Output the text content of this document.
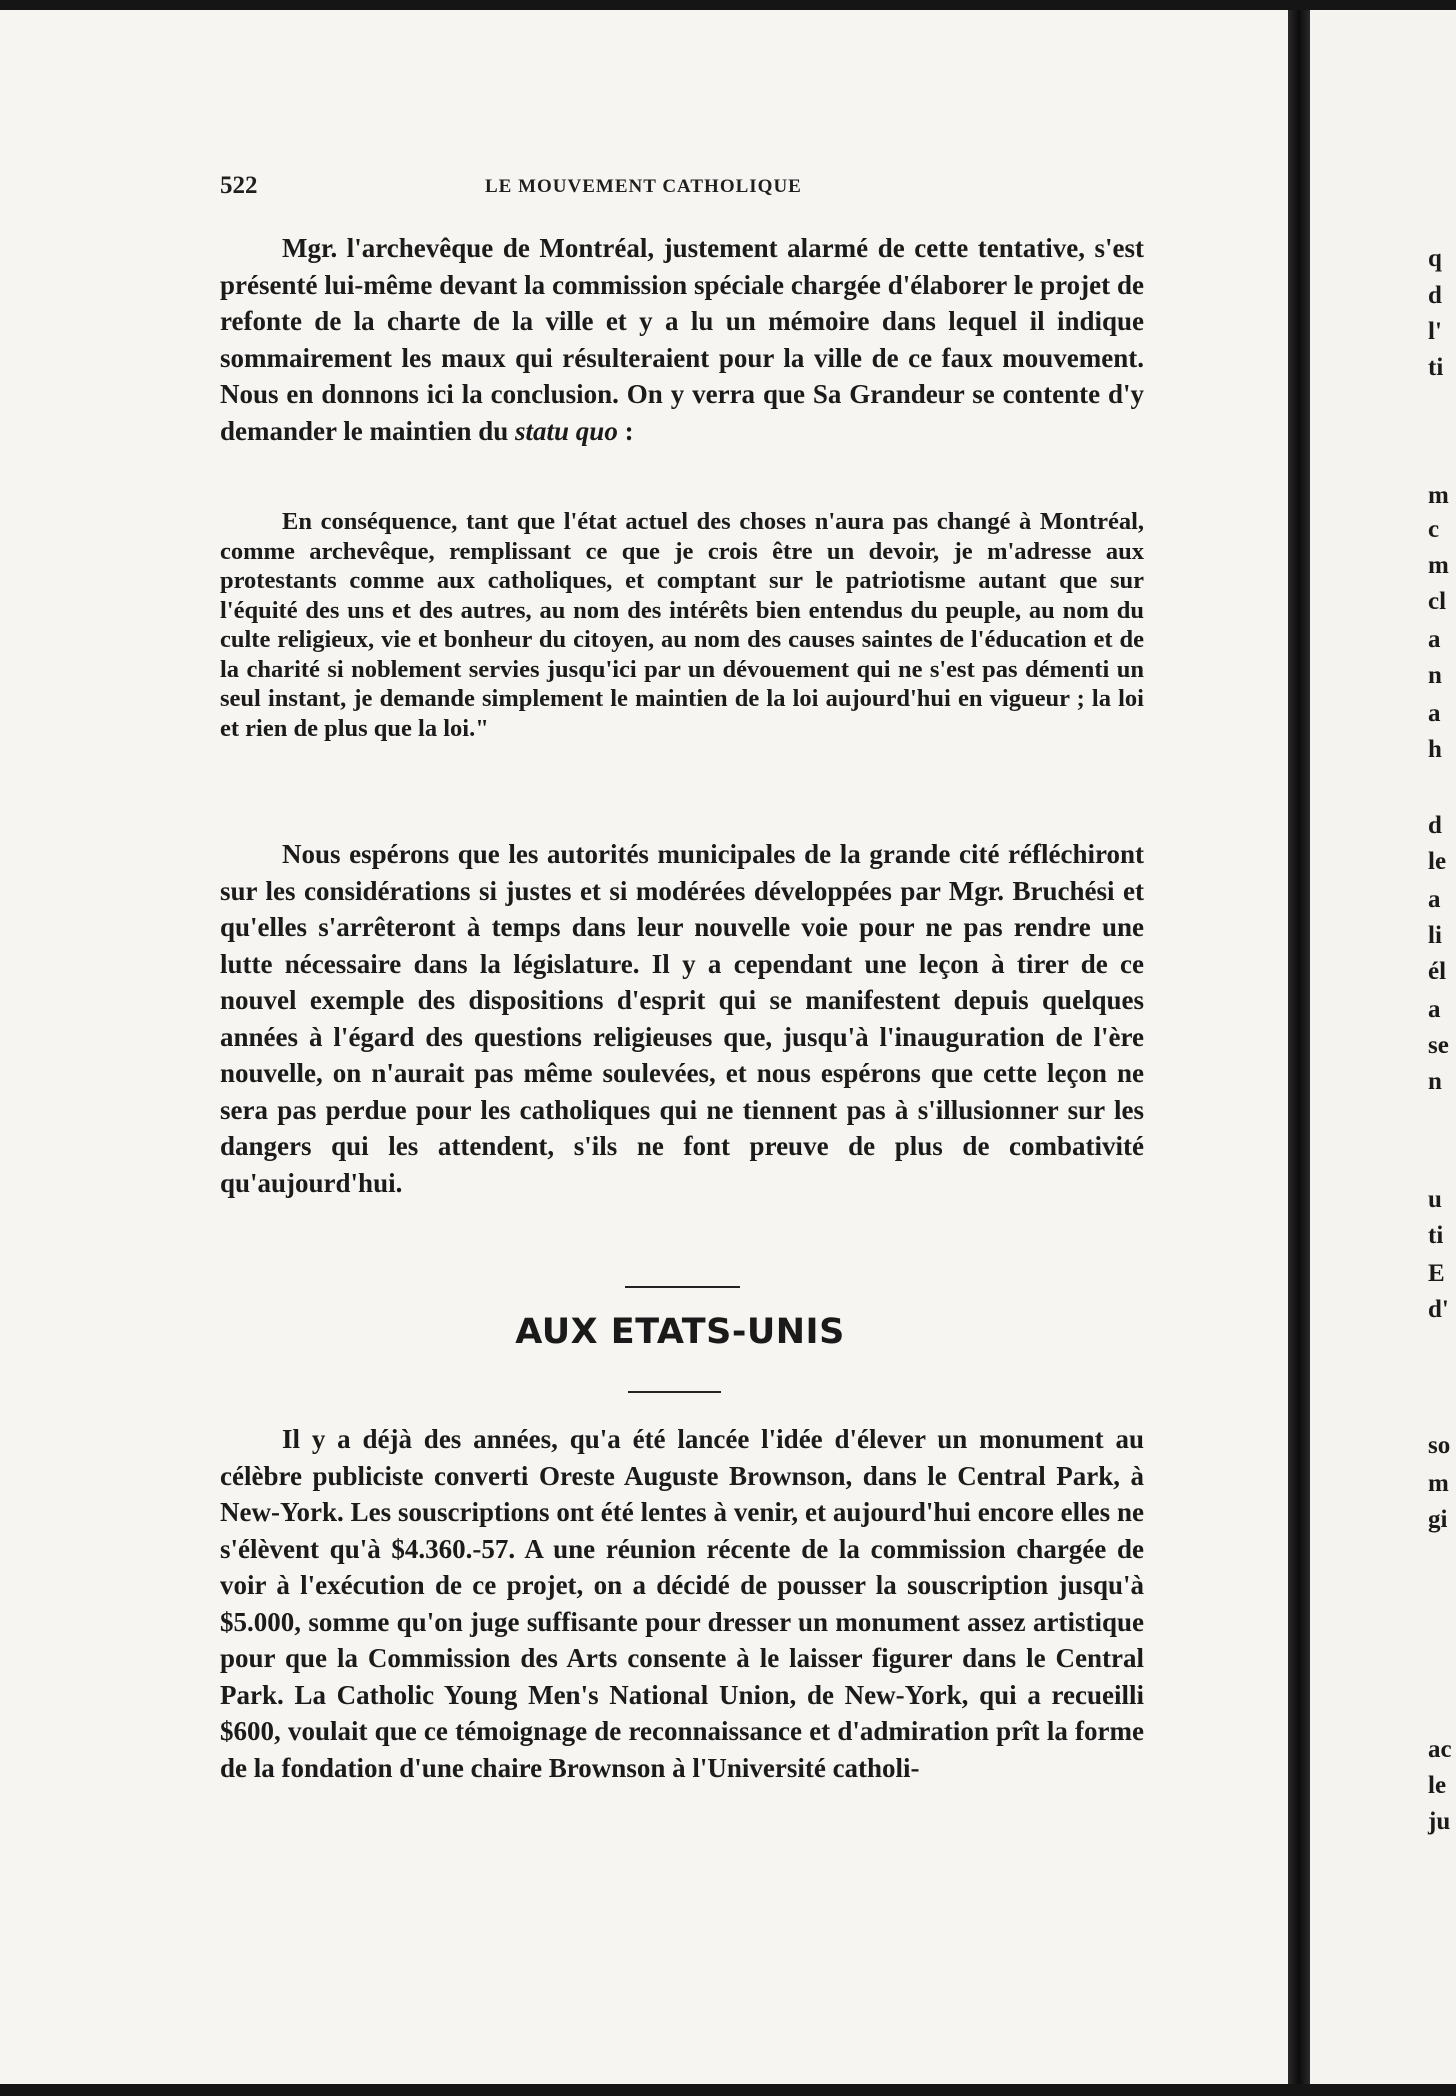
522	LE MOUVEMENT CATHOLIQUE

Mgr. l'archevêque de Montréal, justement alarmé de cette tentative, s'est présenté lui-même devant la commission spéciale chargée d'élaborer le projet de refonte de la charte de la ville et y a lu un mémoire dans lequel il indique sommairement les maux qui résulteraient pour la ville de ce faux mouvement. Nous en donnons ici la conclusion. On y verra que Sa Grandeur se contente d'y demander le maintien du statu quo :

En conséquence, tant que l'état actuel des choses n'aura pas changé à Montréal, comme archevêque, remplissant ce que je crois être un devoir, je m'adresse aux protestants comme aux catholiques, et comptant sur le patriotisme autant que sur l'équité des uns et des autres, au nom des intérêts bien entendus du peuple, au nom du culte religieux, vie et bonheur du citoyen, au nom des causes saintes de l'éducation et de la charité si noblement servies jusqu'ici par un dévouement qui ne s'est pas démenti un seul instant, je demande simplement le maintien de la loi aujourd'hui en vigueur ; la loi et rien de plus que la loi."

Nous espérons que les autorités municipales de la grande cité réfléchiront sur les considérations si justes et si modérées développées par Mgr. Bruchési et qu'elles s'arrêteront à temps dans leur nouvelle voie pour ne pas rendre une lutte nécessaire dans la législature. Il y a cependant une leçon à tirer de ce nouvel exemple des dispositions d'esprit qui se manifestent depuis quelques années à l'égard des questions religieuses que, jusqu'à l'inauguration de l'ère nouvelle, on n'aurait pas même soulevées, et nous espérons que cette leçon ne sera pas perdue pour les catholiques qui ne tiennent pas à s'illusionner sur les dangers qui les attendent, s'ils ne font preuve de plus de combativité qu'aujourd'hui.

AUX ETATS-UNIS

Il y a déjà des années, qu'a été lancée l'idée d'élever un monument au célèbre publiciste converti Oreste Auguste Brownson, dans le Central Park, à New-York. Les souscriptions ont été lentes à venir, et aujourd'hui encore elles ne s'élèvent qu'à $4.360.-57. A une réunion récente de la commission chargée de voir à l'exécution de ce projet, on a décidé de pousser la souscription jusqu'à $5.000, somme qu'on juge suffisante pour dresser un monument assez artistique pour que la Commission des Arts consente à le laisser figurer dans le Central Park. La Catholic Young Men's National Union, de New-York, qui a recueilli $600, voulait que ce témoignage de reconnaissance et d'admiration prît la forme de la fondation d'une chaire Brownson à l'Université catholi-

q
d
l'
ti
m
c
m
cl
a
n
a
h
d
le
a
li
él
a
se
n
u
ti
E
d'
so
m
gi
ac
le
ju
